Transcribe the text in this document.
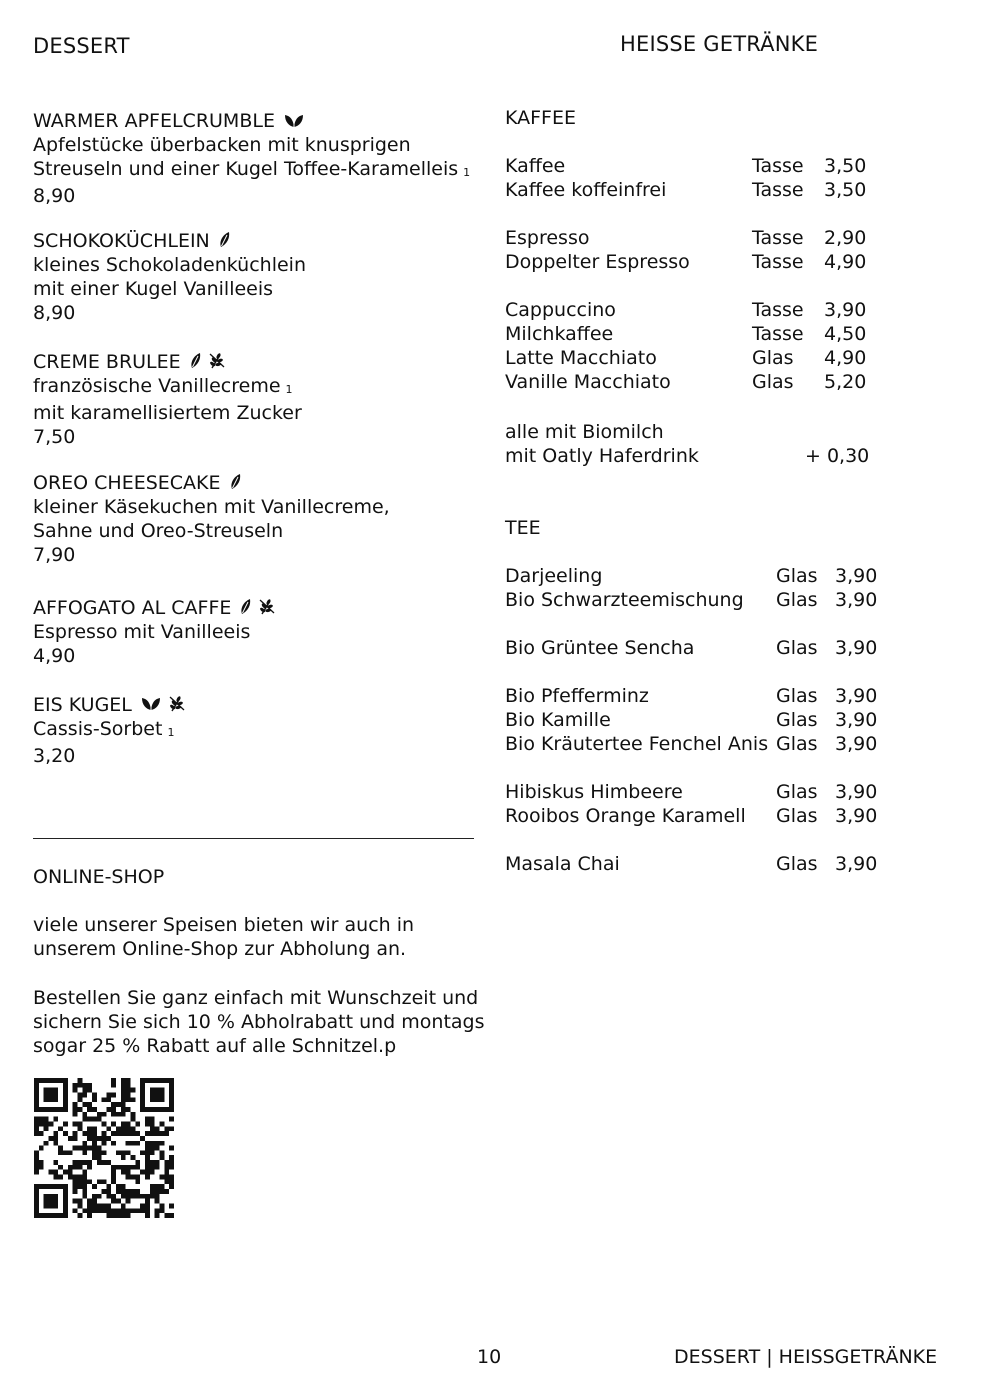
DESSERT	HEISSE GETRÄNKE
WARMER APFELCRUMBLE
Apfelstücke überbacken mit knusprigen
Streuseln und einer Kugel Toffee-Karamelleis 1
8,90
SCHOKOKÜCHLEIN
kleines Schokoladenküchlein
mit einer Kugel Vanilleeis
8,90
CREME BRULEE
französische Vanillecreme 1
mit karamellisiertem Zucker
7,50
OREO CHEESECAKE
kleiner Käsekuchen mit Vanillecreme,
Sahne und Oreo-Streuseln
7,90
AFFOGATO AL CAFFE
Espresso mit Vanilleeis
4,90
EIS KUGEL
Cassis-Sorbet 1
3,20
ONLINE-SHOP
viele unserer Speisen bieten wir auch in
unserem Online-Shop zur Abholung an.
Bestellen Sie ganz einfach mit Wunschzeit und
sichern Sie sich 10 % Abholrabatt und montags
sogar 25 % Rabatt auf alle Schnitzel.p
KAFFEE
Kaffee	Tasse 3,50
Kaffee koffeinfrei	Tasse 3,50
Espresso	Tasse 2,90
Doppelter Espresso	Tasse 4,90
Cappuccino	Tasse 3,90
Milchkaffee	Tasse 4,50
Latte Macchiato	Glas 4,90
Vanille Macchiato	Glas 5,20
alle mit Biomilch
mit Oatly Haferdrink	+ 0,30
TEE
Darjeeling	Glas 3,90
Bio Schwarzteemischung Glas 3,90
Bio Grüntee Sencha	Glas 3,90
Bio Pfefferminz	Glas 3,90
Bio Kamille	Glas 3,90
Bio Kräutertee Fenchel Anis Glas 3,90
Hibiskus Himbeere	Glas 3,90
Rooibos Orange Karamell Glas 3,90
Masala Chai	Glas 3,90
10	DESSERT | HEISSGETRÄNKE
